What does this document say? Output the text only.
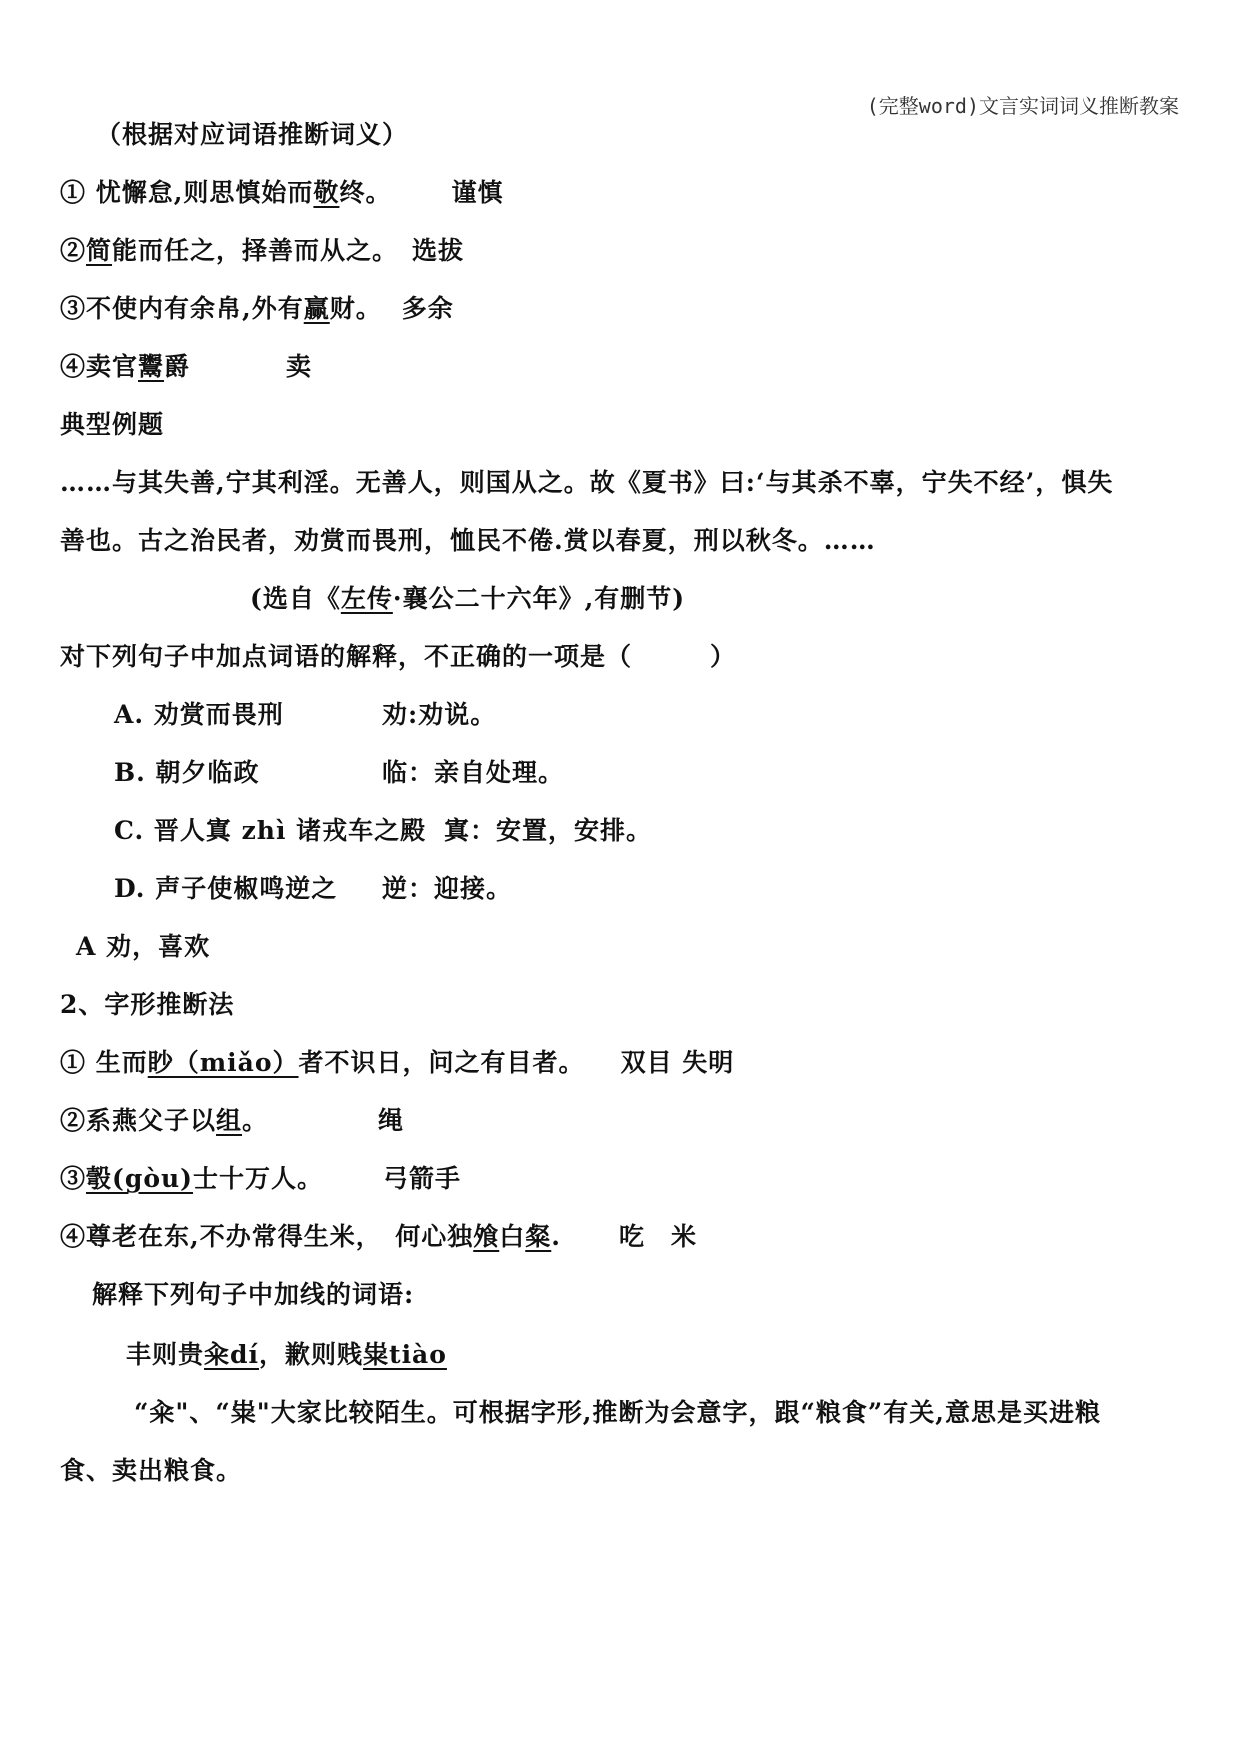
(完整word)文言实词词义推断教案
（根据对应词语推断词义）
① 忧懈怠,则思慎始而敬终。 谨慎
②简能而任之，择善而从之。 选拔
③不使内有余帛,外有赢财。 多余
④卖官鬻爵	卖
典型例题
……与其失善,宁其利淫。无善人，则国从之。故《夏书》曰:‘与其杀不辜，宁失不经’，惧失
善也。古之治民者，劝赏而畏刑，恤民不倦.赏以春夏，刑以秋冬。……
(选自《左传·襄公二十六年》,有删节)
对下列句子中加点词语的解释，不正确的一项是（　　　）
A. 劝赏而畏刑	劝:劝说。
B. 朝夕临政	临：亲自处理。
C. 晋人寘 zhì 诸戎车之殿 寘：安置，安排。
D. 声子使椒鸣逆之 逆：迎接。
A 劝，喜欢
2、字形推断法
① 生而眇（miǎo）者不识日，问之有目者。 双目 失明
②系燕父子以组。	绳
③彀(gòu)士十万人。 弓箭手
④尊老在东,不办常得生米，　何心独飧白粲. 吃　米
解释下列句子中加线的词语:
丰则贵籴dí，歉则贱粜tiào
“籴"、“粜"大家比较陌生。可根据字形,推断为会意字，跟“粮食”有关,意思是买进粮
食、卖出粮食。
